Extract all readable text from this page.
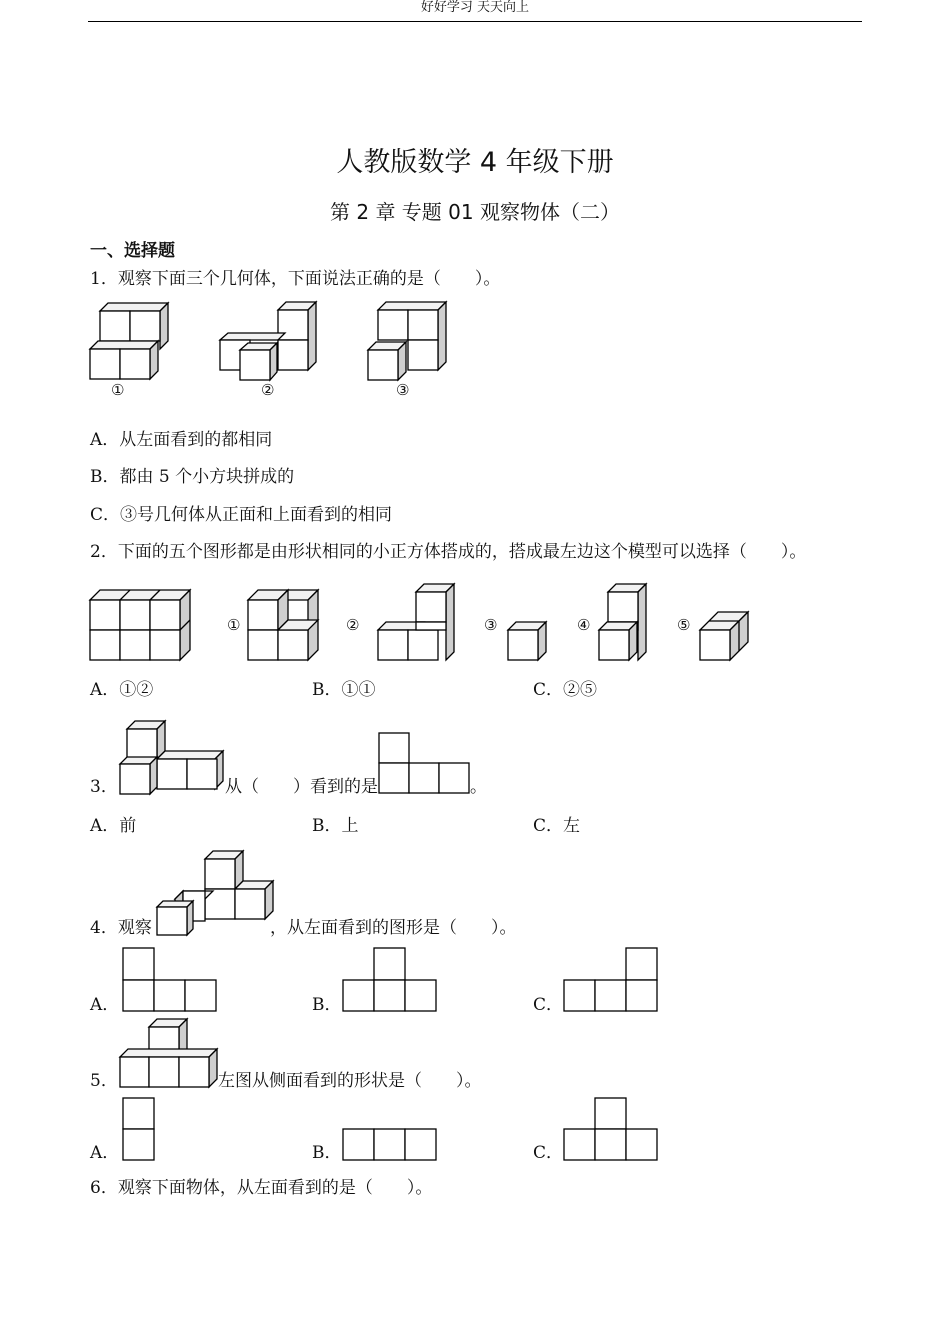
好好学习 天天向上
人教版数学 4 年级下册
第 2 章 专题 01 观察物体（二）
一、选择题
1．观察下面三个几何体，下面说法正确的是（　　）。
①	②	③
A．从左面看到的都相同
B．都由 5 个小方块拼成的
C．③号几何体从正面和上面看到的相同
2．下面的五个图形都是由形状相同的小正方体搭成的，搭成最左边这个模型可以选择（　　）。
①	②	③	④	⑤
A．①②	B．①①	C．②⑤
3．	从（　　）看到的是	。
A．前	B．上	C．左
4．观察	，从左面看到的图形是（　　）。
A．	B．	C．
5．	左图从侧面看到的形状是（　　）。
A．	B．	C．
6．观察下面物体，从左面看到的是（　　）。
